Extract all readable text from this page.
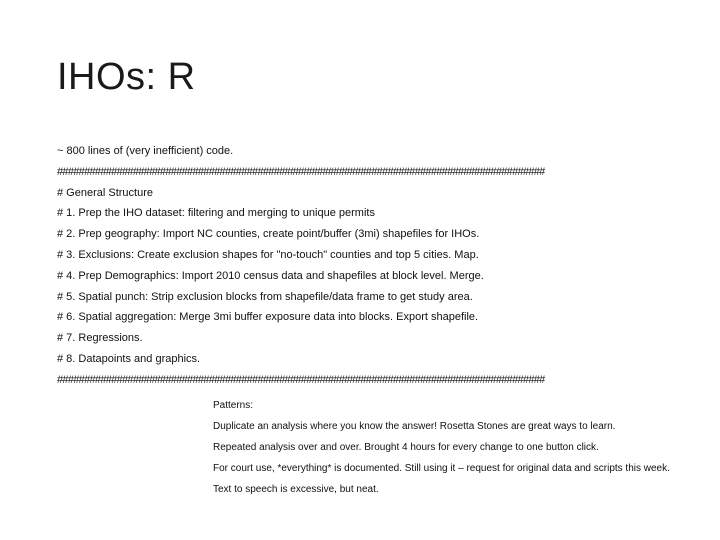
IHOs: R
~ 800 lines of (very inefficient) code.
##########################################################################################
# General Structure
# 1. Prep the IHO dataset: filtering and merging to unique permits
# 2. Prep geography: Import NC counties, create point/buffer (3mi) shapefiles for IHOs.
# 3. Exclusions: Create exclusion shapes for "no-touch" counties and top 5 cities. Map.
# 4. Prep Demographics: Import 2010 census data and shapefiles at block level. Merge.
# 5. Spatial punch: Strip exclusion blocks from shapefile/data frame to get study area.
# 6. Spatial aggregation: Merge 3mi buffer exposure data into blocks. Export shapefile.
# 7. Regressions.
# 8. Datapoints and graphics.
##########################################################################################
Patterns:
Duplicate an analysis where you know the answer! Rosetta Stones are great ways to learn.
Repeated analysis over and over. Brought 4 hours for every change to one button click.
For court use, *everything* is documented. Still using it – request for original data and scripts this week.
Text to speech is excessive, but neat.
